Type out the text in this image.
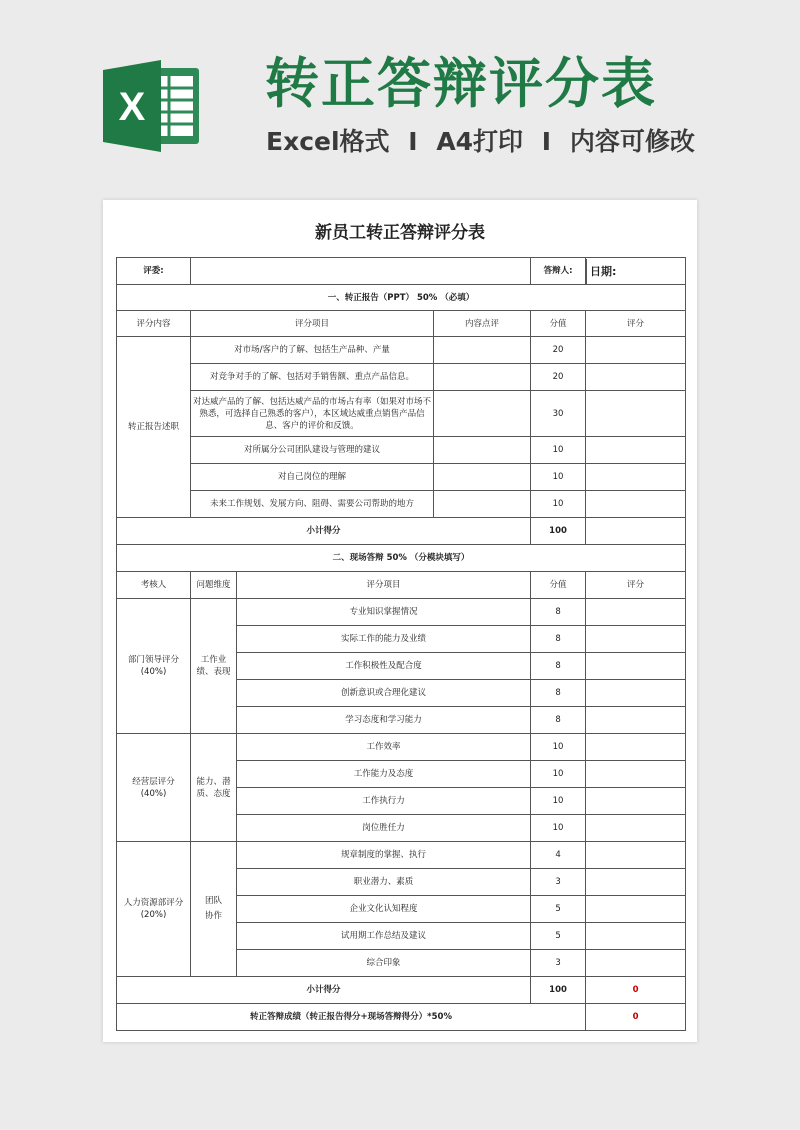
X 转正答辩评分表
Excel格式 I A4打印 I 内容可修改
新员工转正答辩评分表
评委:				答辩人:	日期:

一、转正报告（PPT） 50% （必填）					
评分内容	评分项目		内容点评	分值	评分
转正报告述职	对市场/客户的了解、包括生产品种、产量			20	
	对竞争对手的了解、包括对手销售额、重点产品信息。			20	
	对达威产品的了解、包括达威产品的市场占有率（如果对市场不熟悉，可选择自己熟悉的客户），本区域达威重点销售产品信息、客户的评价和反馈。			30	
	对所属分公司团队建设与管理的建议			10	
	对自己岗位的理解			10	
	未来工作规划、发展方向、阻碍、需要公司帮助的地方			10	
小计得分				100	
二、现场答辩 50% （分模块填写）					
考核人	问题维度	评分项目		分值	评分

部门领导评分
(40%)	工作业绩、表现	专业知识掌握情况		8	
		实际工作的能力及业绩		8	
		工作积极性及配合度		8	
		创新意识或合理化建议		8	
		学习态度和学习能力		8	

经营层评分
(40%)	能力、潜质、态度	工作效率		10	
		工作能力及态度		10	
		工作执行力		10	
		岗位胜任力		10	

人力资源部评分
(20%)	团队协作	规章制度的掌握、执行		4	
		职业潜力、素质		3	
		企业文化认知程度		5	
		试用期工作总结及建议		5	
		综合印象		3	
小计得分				100	0
转正答辩成绩（转正报告得分+现场答辩得分）*50%					0
